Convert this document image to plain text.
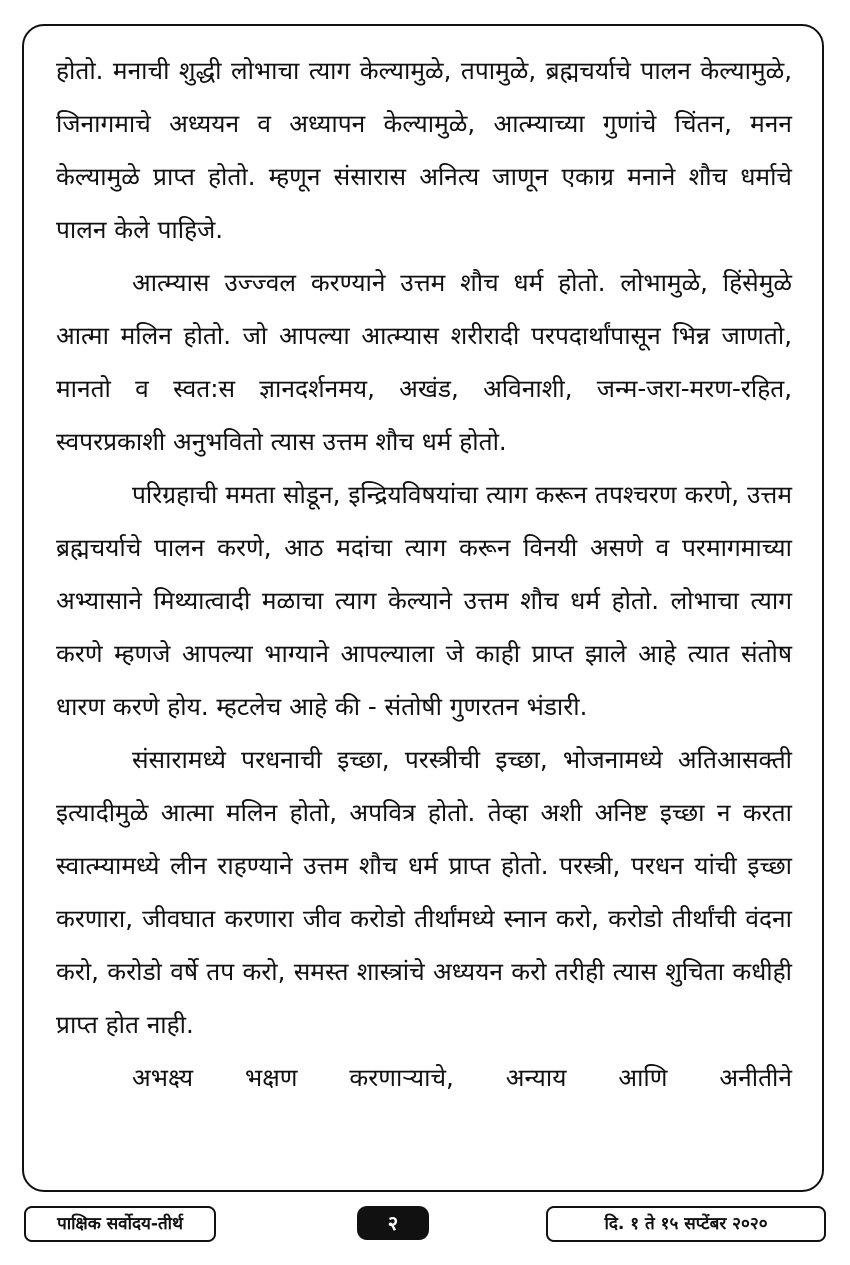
होतो. मनाची शुद्धी लोभाचा त्याग केल्यामुळे, तपामुळे, ब्रह्मचर्याचे पालन केल्यामुळे, जिनागमाचे अध्ययन व अध्यापन केल्यामुळे, आत्म्याच्या गुणांचे चिंतन, मनन केल्यामुळे प्राप्त होतो. म्हणून संसारास अनित्य जाणून एकाग्र मनाने शौच धर्माचे पालन केले पाहिजे.

आत्म्यास उज्ज्वल करण्याने उत्तम शौच धर्म होतो. लोभामुळे, हिंसेमुळे आत्मा मलिन होतो. जो आपल्या आत्म्यास शरीरादी परपदार्थांपासून भिन्न जाणतो, मानतो व स्वत:स ज्ञानदर्शनमय, अखंड, अविनाशी, जन्म-जरा-मरण-रहित, स्वपरप्रकाशी अनुभवितो त्यास उत्तम शौच धर्म होतो.

परिग्रहाची ममता सोडून, इन्द्रियविषयांचा त्याग करून तपश्चरण करणे, उत्तम ब्रह्मचर्याचे पालन करणे, आठ मदांचा त्याग करून विनयी असणे व परमागमाच्या अभ्यासाने मिथ्यात्वादी मळाचा त्याग केल्याने उत्तम शौच धर्म होतो. लोभाचा त्याग करणे म्हणजे आपल्या भाग्याने आपल्याला जे काही प्राप्त झाले आहे त्यात संतोष धारण करणे होय. म्हटलेच आहे की - संतोषी गुणरतन भंडारी.

संसारामध्ये परधनाची इच्छा, परस्त्रीची इच्छा, भोजनामध्ये अतिआसक्ती इत्यादीमुळे आत्मा मलिन होतो, अपवित्र होतो. तेव्हा अशी अनिष्ट इच्छा न करता स्वात्म्यामध्ये लीन राहण्याने उत्तम शौच धर्म प्राप्त होतो. परस्त्री, परधन यांची इच्छा करणारा, जीवघात करणारा जीव करोडो तीर्थांमध्ये स्नान करो, करोडो तीर्थांची वंदना करो, करोडो वर्षे तप करो, समस्त शास्त्रांचे अध्ययन करो तरीही त्यास शुचिता कधीही प्राप्त होत नाही.

अभक्ष्य भक्षण करणाऱ्याचे, अन्याय आणि अनीतीने

पाक्षिक सर्वोदय-तीर्थ	२	दि. १ ते १५ सप्टेंबर २०२०
